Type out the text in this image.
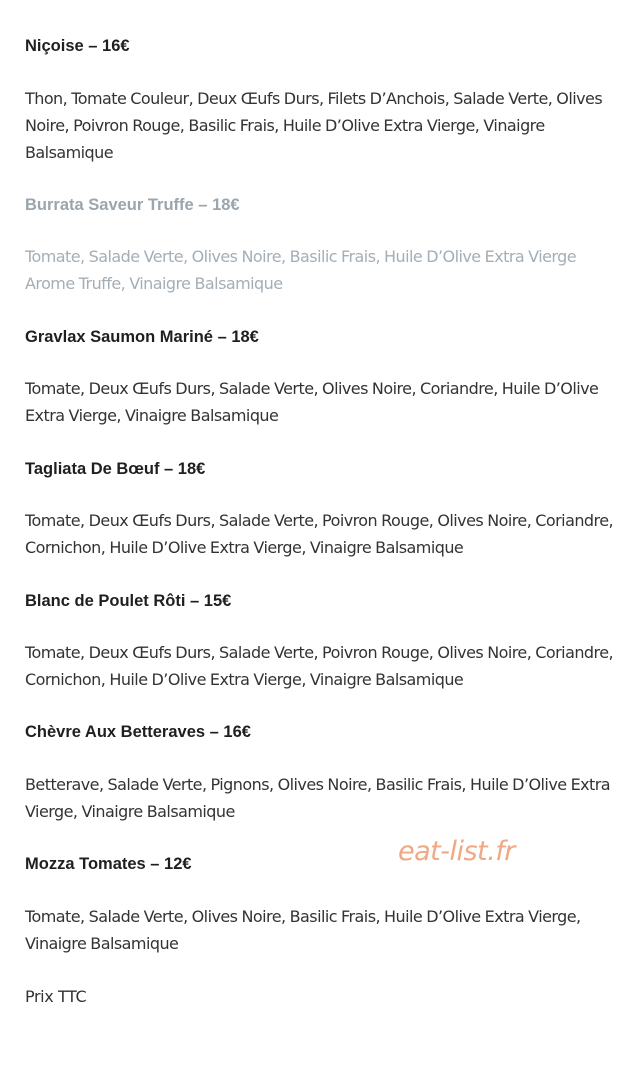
Niçoise – 16€

Thon, Tomate Couleur, Deux Œufs Durs, Filets D’Anchois, Salade Verte, Olives Noire, Poivron Rouge, Basilic Frais, Huile D’Olive Extra Vierge, Vinaigre Balsamique

Burrata Saveur Truffe – 18€

Tomate, Salade Verte, Olives Noire, Basilic Frais, Huile D’Olive Extra Vierge Arome Truffe, Vinaigre Balsamique

Gravlax Saumon Mariné – 18€

Tomate, Deux Œufs Durs, Salade Verte, Olives Noire, Coriandre, Huile D’Olive Extra Vierge, Vinaigre Balsamique

Tagliata De Bœuf – 18€

Tomate, Deux Œufs Durs, Salade Verte, Poivron Rouge, Olives Noire, Coriandre, Cornichon, Huile D’Olive Extra Vierge, Vinaigre Balsamique

Blanc de Poulet Rôti – 15€

Tomate, Deux Œufs Durs, Salade Verte, Poivron Rouge, Olives Noire, Coriandre, Cornichon, Huile D’Olive Extra Vierge, Vinaigre Balsamique

Chèvre Aux Betteraves – 16€

Betterave, Salade Verte, Pignons, Olives Noire, Basilic Frais, Huile D’Olive Extra Vierge, Vinaigre Balsamique

Mozza Tomates – 12€

Tomate, Salade Verte, Olives Noire, Basilic Frais, Huile D’Olive Extra Vierge, Vinaigre Balsamique

Prix TTC

eat-list.fr
